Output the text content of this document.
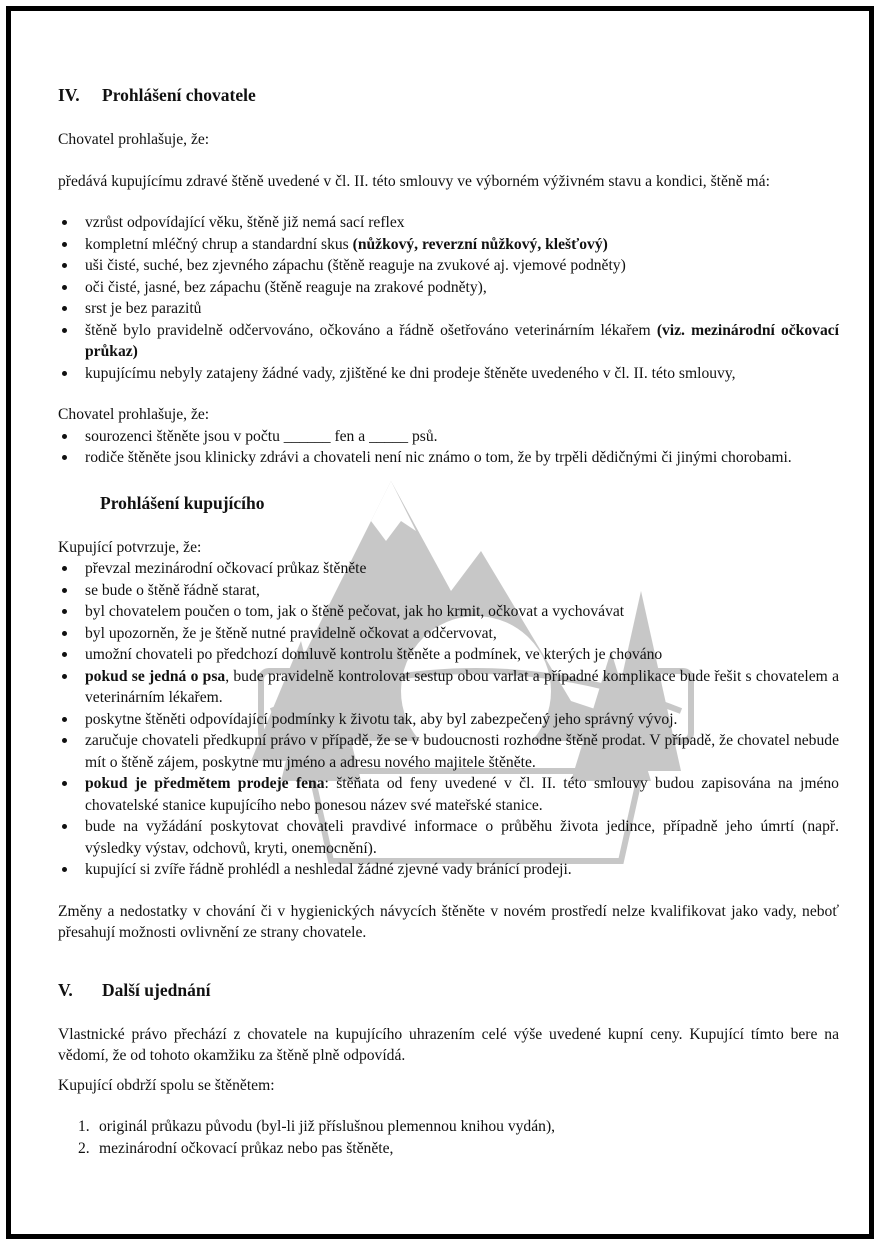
IV. Prohlášení chovatele

Chovatel prohlašuje, že:

předává kupujícímu zdravé štěně uvedené v čl. II. této smlouvy ve výborném výživném stavu a kondici, štěně má:

vzrůst odpovídající věku, štěně již nemá sací reflex
kompletní mléčný chrup a standardní skus (nůžkový, reverzní nůžkový, klešťový)
uši čisté, suché, bez zjevného zápachu (štěně reaguje na zvukové aj. vjemové podněty)
oči čisté, jasné, bez zápachu (štěně reaguje na zrakové podněty),
srst je bez parazitů
štěně bylo pravidelně odčervováno, očkováno a řádně ošetřováno veterinárním lékařem (viz. mezinárodní očkovací průkaz)
kupujícímu nebyly zatajeny žádné vady, zjištěné ke dni prodeje štěněte uvedeného v čl. II. této smlouvy,

Chovatel prohlašuje, že:

sourozenci štěněte jsou v počtu ______ fen a _____ psů.
rodiče štěněte jsou klinicky zdrávi a chovateli není nic známo o tom, že by trpěli dědičnými či jinými chorobami.
Prohlášení kupujícího

Kupující potvrzuje, že:

převzal mezinárodní očkovací průkaz štěněte
se bude o štěně řádně starat,
byl chovatelem poučen o tom, jak o štěně pečovat, jak ho krmit, očkovat a vychovávat
byl upozorněn, že je štěně nutné pravidelně očkovat a odčervovat,
umožní chovateli po předchozí domluvě kontrolu štěněte a podmínek, ve kterých je chováno
pokud se jedná o psa, bude pravidelně kontrolovat sestup obou varlat a případné komplikace bude řešit s chovatelem a veterinárním lékařem.
poskytne štěněti odpovídající podmínky k životu tak, aby byl zabezpečený jeho správný vývoj.
zaručuje chovateli předkupní právo v případě, že se v budoucnosti rozhodne štěně prodat. V případě, že chovatel nebude mít o štěně zájem, poskytne mu jméno a adresu nového majitele štěněte.
pokud je předmětem prodeje fena: štěňata od feny uvedené v čl. II. této smlouvy budou zapisována na jméno chovatelské stanice kupujícího nebo ponesou název své mateřské stanice.
bude na vyžádání poskytovat chovateli pravdivé informace o průběhu života jedince, případně jeho úmrtí (např. výsledky výstav, odchovů, kryti, onemocnění).
kupující si zvíře řádně prohlédl a neshledal žádné zjevné vady bránící prodeji.

Změny a nedostatky v chování či v hygienických návycích štěněte v novém prostředí nelze kvalifikovat jako vady, neboť přesahují možnosti ovlivnění ze strany chovatele.

V. Další ujednání

Vlastnické právo přechází z chovatele na kupujícího uhrazením celé výše uvedené kupní ceny. Kupující tímto bere na vědomí, že od tohoto okamžiku za štěně plně odpovídá.

Kupující obdrží spolu se štěnětem:

1. originál průkazu původu (byl-li již příslušnou plemennou knihou vydán),
2. mezinárodní očkovací průkaz nebo pas štěněte,
